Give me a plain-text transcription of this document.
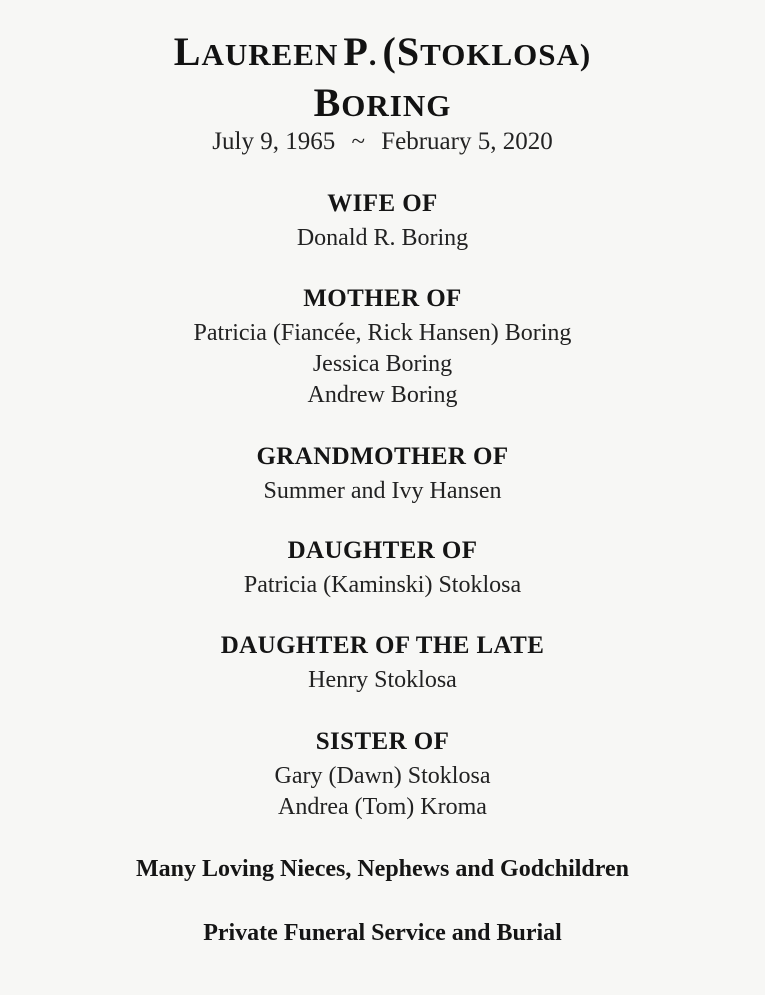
LAUREEN P. (STOKLOSA)
BORING
July 9, 1965 ~ February 5, 2020
WIFE OF
Donald R. Boring
MOTHER OF
Patricia (Fiancée, Rick Hansen) Boring
Jessica Boring
Andrew Boring
GRANDMOTHER OF
Summer and Ivy Hansen
DAUGHTER OF
Patricia (Kaminski) Stoklosa
DAUGHTER OF THE LATE
Henry Stoklosa
SISTER OF
Gary (Dawn) Stoklosa
Andrea (Tom) Kroma
Many Loving Nieces, Nephews and Godchildren
Private Funeral Service and Burial
